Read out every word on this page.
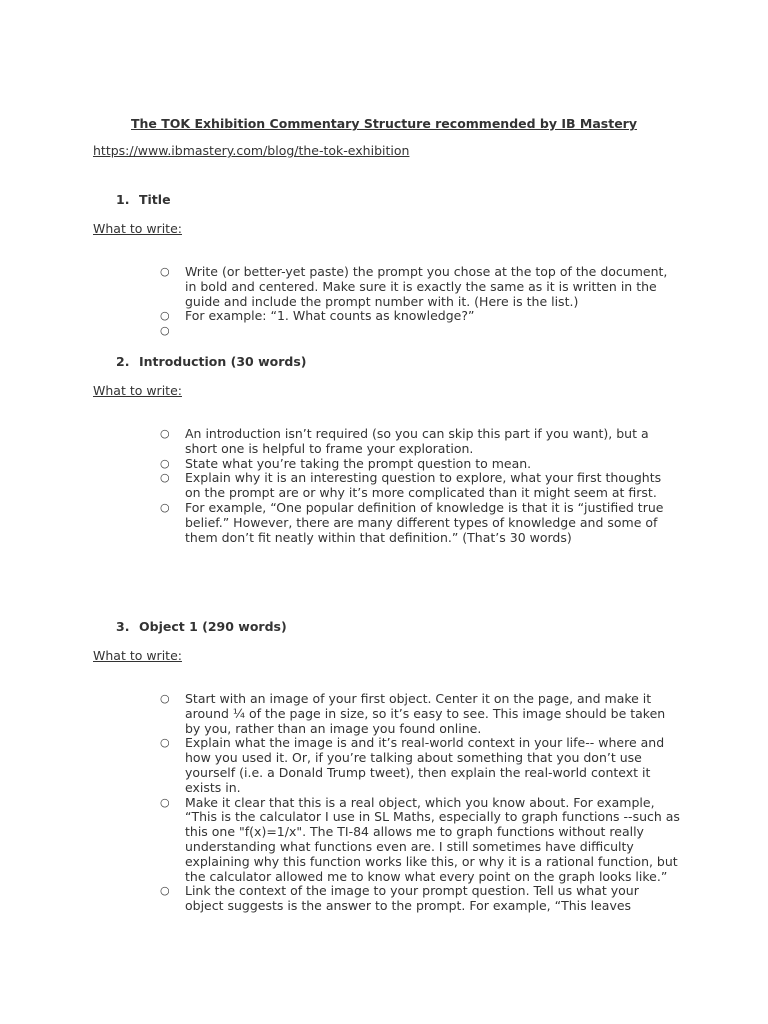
The TOK Exhibition Commentary Structure recommended by IB Mastery
https://www.ibmastery.com/blog/the-tok-exhibition
1. Title
What to write:
○ Write (or better-yet paste) the prompt you chose at the top of the document, in bold and centered. Make sure it is exactly the same as it is written in the guide and include the prompt number with it. (Here is the list.)
○ For example: “1. What counts as knowledge?”
○
2. Introduction (30 words)
What to write:
○ An introduction isn’t required (so you can skip this part if you want), but a short one is helpful to frame your exploration.
○ State what you’re taking the prompt question to mean.
○ Explain why it is an interesting question to explore, what your first thoughts on the prompt are or why it’s more complicated than it might seem at first.
○ For example, “One popular definition of knowledge is that it is “justified true belief.” However, there are many different types of knowledge and some of them don’t fit neatly within that definition.” (That’s 30 words)
3. Object 1 (290 words)
What to write:
○ Start with an image of your first object. Center it on the page, and make it around ¼ of the page in size, so it’s easy to see. This image should be taken by you, rather than an image you found online.
○ Explain what the image is and it’s real-world context in your life-- where and how you used it. Or, if you’re talking about something that you don’t use yourself (i.e. a Donald Trump tweet), then explain the real-world context it exists in.
○ Make it clear that this is a real object, which you know about. For example, “This is the calculator I use in SL Maths, especially to graph functions --such as this one "f(x)=1/x". The TI-84 allows me to graph functions without really understanding what functions even are. I still sometimes have difficulty explaining why this function works like this, or why it is a rational function, but the calculator allowed me to know what every point on the graph looks like.”
○ Link the context of the image to your prompt question. Tell us what your object suggests is the answer to the prompt. For example, “This leaves
